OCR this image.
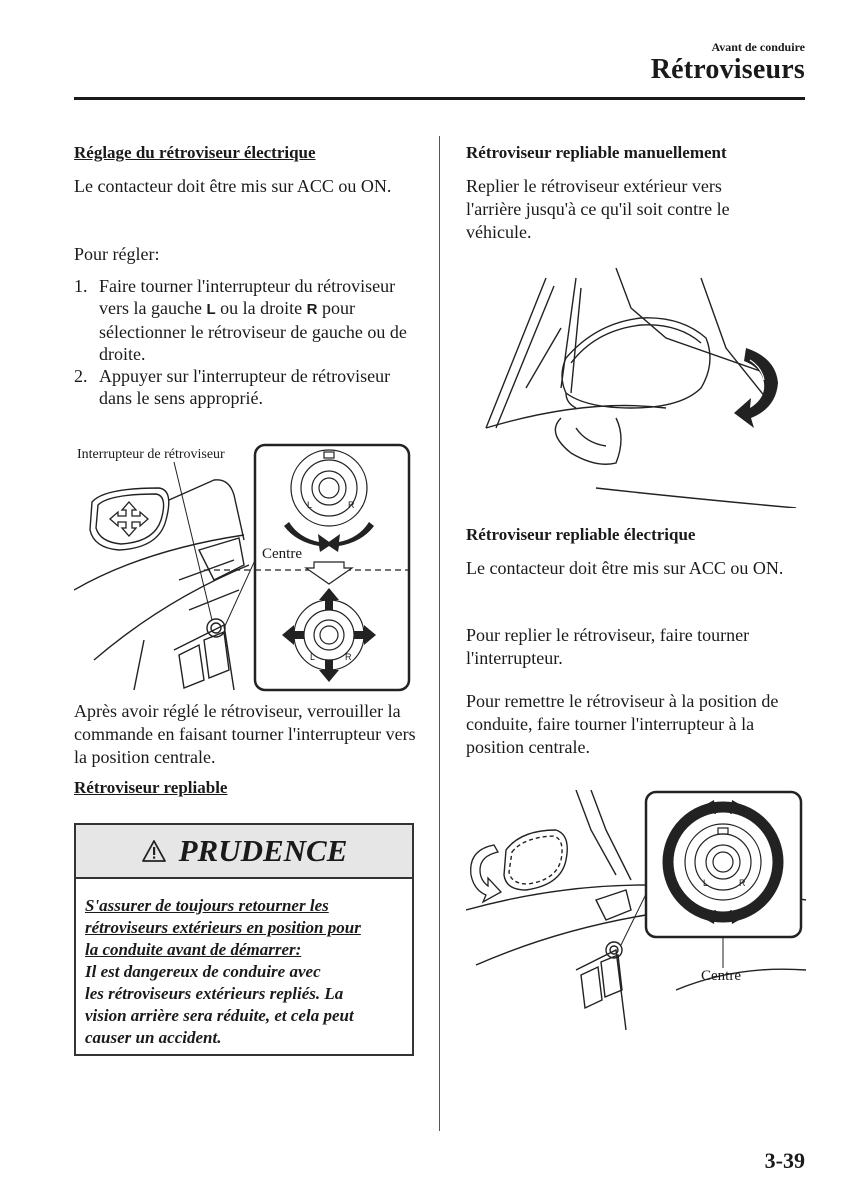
Avant de conduire
Rétroviseurs
Réglage du rétroviseur électrique

Le contacteur doit être mis sur ACC ou ON.

Pour régler:

1. Faire tourner l'interrupteur du rétroviseur vers la gauche L ou la droite R pour sélectionner le rétroviseur de gauche ou de droite.
2. Appuyer sur l'interrupteur de rétroviseur dans le sens approprié.
Interrupteur de rétroviseur
Centre
L	R
L	R

Après avoir réglé le rétroviseur, verrouiller la commande en faisant tourner l'interrupteur vers la position centrale.

Rétroviseur repliable
PRUDENCE
S'assurer de toujours retourner les
rétroviseurs extérieurs en position pour
la conduite avant de démarrer:
Il est dangereux de conduire avec
les rétroviseurs extérieurs repliés. La
vision arrière sera réduite, et cela peut
causer un accident.
Rétroviseur repliable manuellement

Replier le rétroviseur extérieur vers l'arrière jusqu'à ce qu'il soit contre le véhicule.

Rétroviseur repliable électrique

Le contacteur doit être mis sur ACC ou ON.

Pour replier le rétroviseur, faire tourner l'interrupteur.

Pour remettre le rétroviseur à la position de conduite, faire tourner l'interrupteur à la position centrale.

Centre
L	R
3-39
